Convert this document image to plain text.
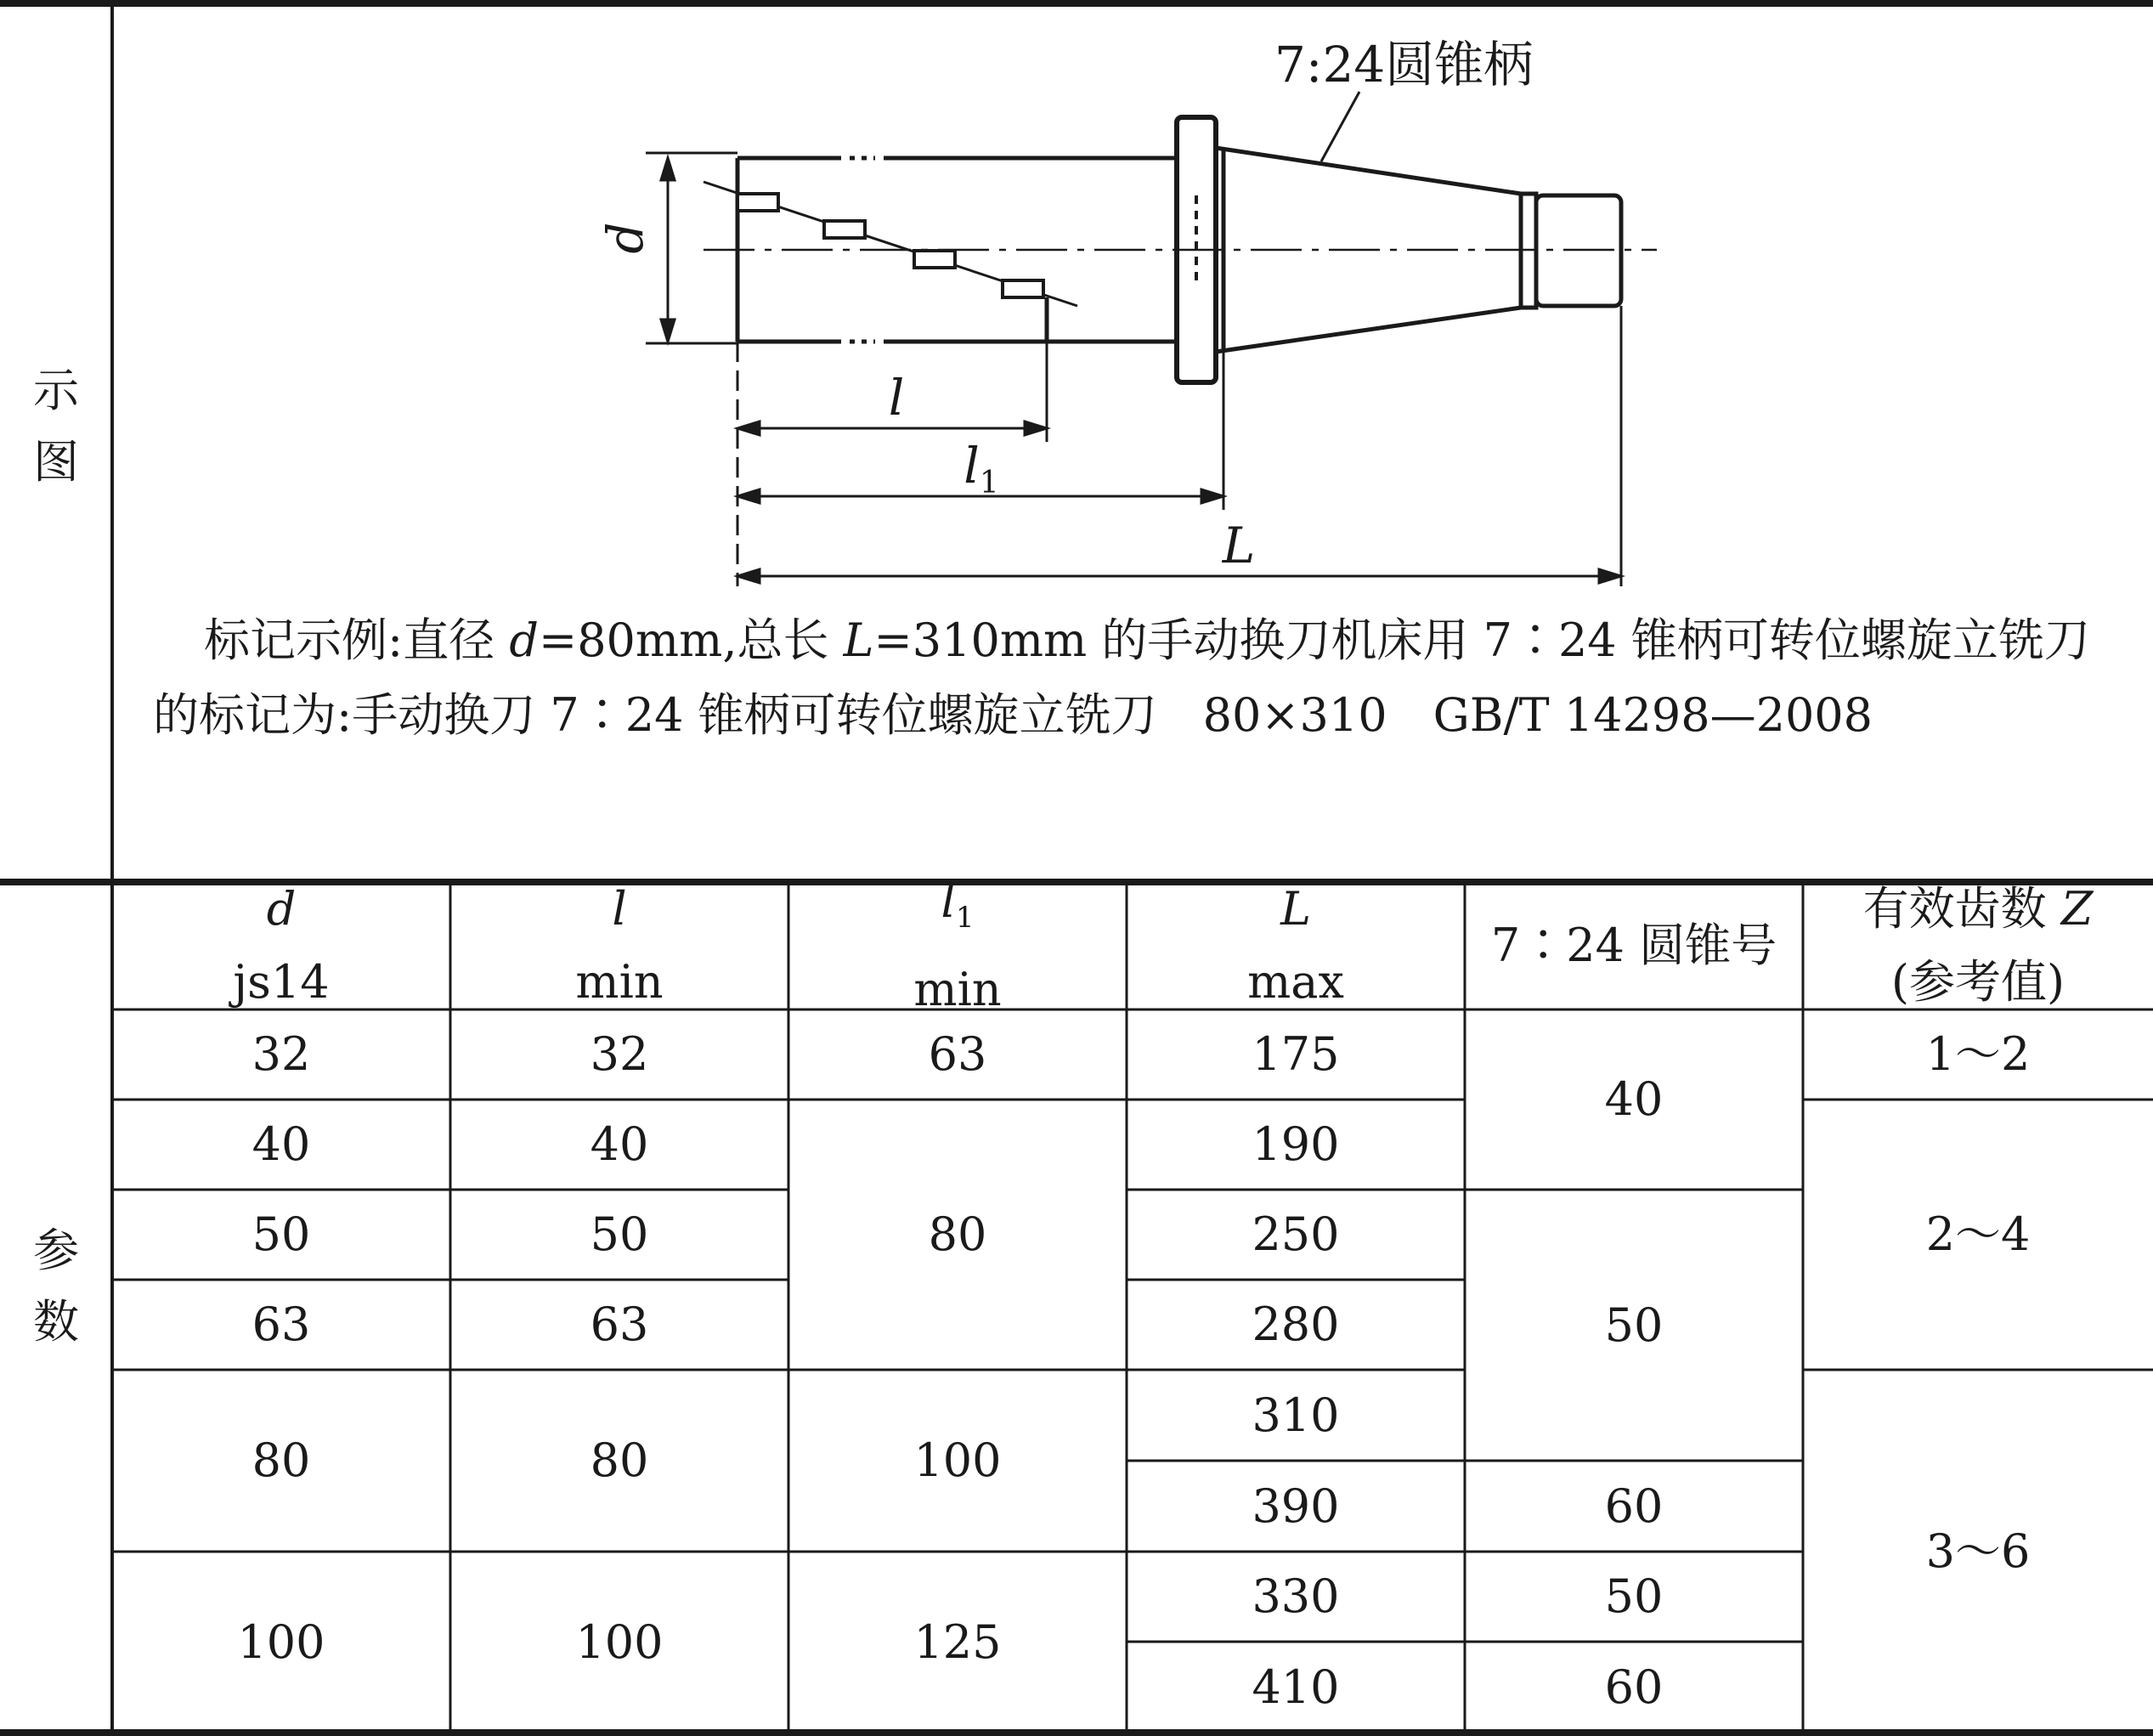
d
l
$l_1$
L
7:24圆锥柄
示图
参数
标记示例:直径 d=80mm,总长 L=310mm 的手动换刀机床用 7∶24 锥柄可转位螺旋立铣刀的标记为:手动换刀 7∶24 锥柄可转位螺旋立铣刀　80×310　GB/T 14298—2008
d
js14
l
min
$l_1$
min
L
max
7∶24 圆锥号
有效齿数 Z
(参考值)
32
40
50
63
80
100
32
40
50
63
80
100
63
80
100
125
175
190
250
280
310
390
330
410
40
50
60
50
60
1～2
2～4
3～6
